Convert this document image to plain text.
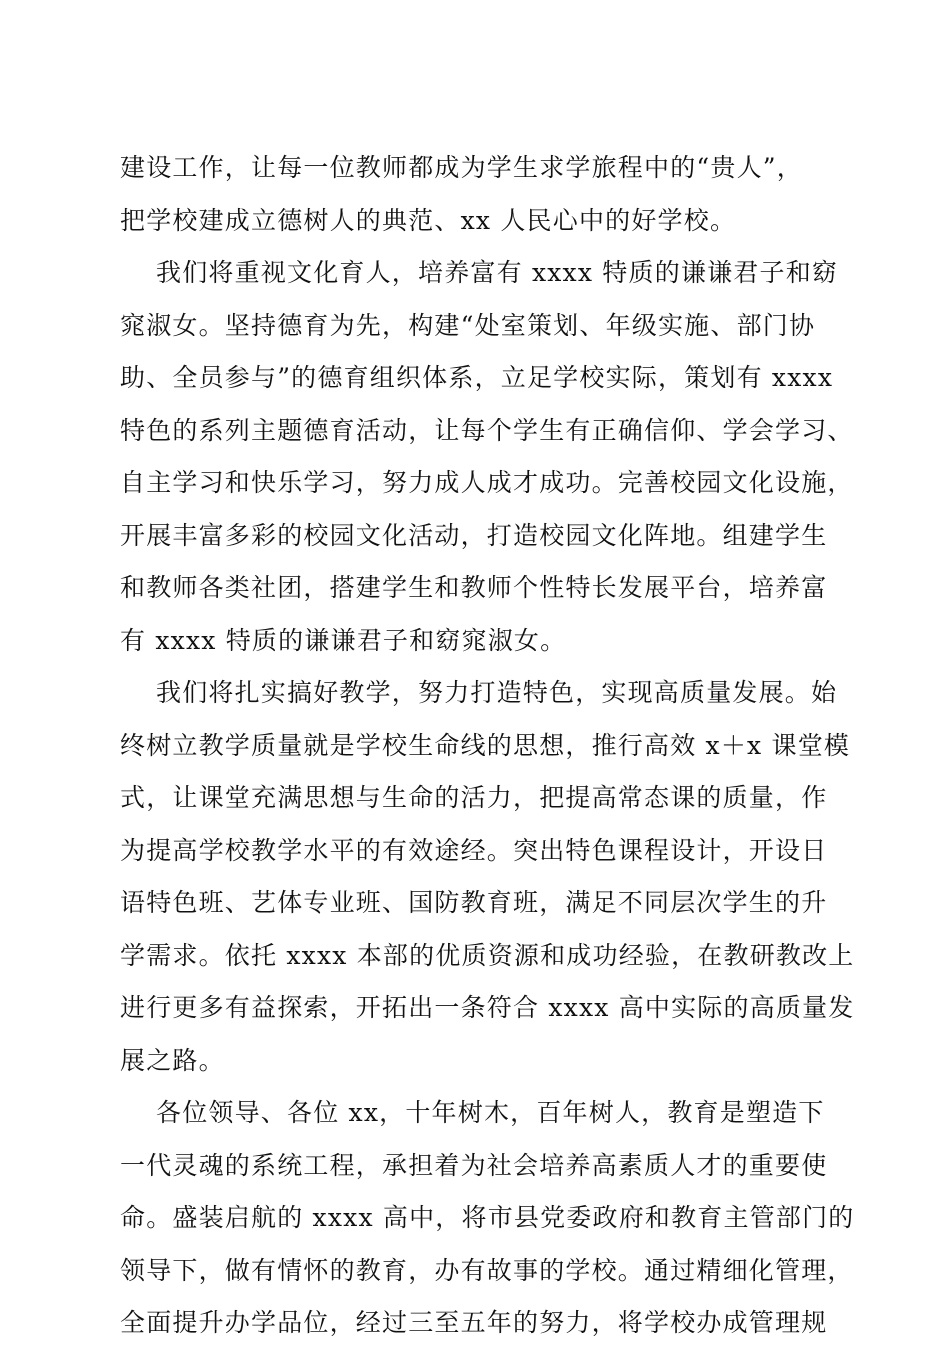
建设工作，让每一位教师都成为学生求学旅程中的“贵人”，
把学校建成立德树人的典范、xx 人民心中的好学校。
我们将重视文化育人，培养富有 xxxx 特质的谦谦君子和窈
窕淑女。坚持德育为先，构建“处室策划、年级实施、部门协
助、全员参与”的德育组织体系，立足学校实际，策划有 xxxx
特色的系列主题德育活动，让每个学生有正确信仰、学会学习、
自主学习和快乐学习，努力成人成才成功。完善校园文化设施，
开展丰富多彩的校园文化活动，打造校园文化阵地。组建学生
和教师各类社团，搭建学生和教师个性特长发展平台，培养富
有 xxxx 特质的谦谦君子和窈窕淑女。
我们将扎实搞好教学，努力打造特色，实现高质量发展。始
终树立教学质量就是学校生命线的思想，推行高效 x＋x 课堂模
式，让课堂充满思想与生命的活力，把提高常态课的质量，作
为提高学校教学水平的有效途经。突出特色课程设计，开设日
语特色班、艺体专业班、国防教育班，满足不同层次学生的升
学需求。依托 xxxx 本部的优质资源和成功经验，在教研教改上
进行更多有益探索，开拓出一条符合 xxxx 高中实际的高质量发
展之路。
各位领导、各位 xx，十年树木，百年树人，教育是塑造下
一代灵魂的系统工程，承担着为社会培养高素质人才的重要使
命。盛装启航的 xxxx 高中，将市县党委政府和教育主管部门的
领导下，做有情怀的教育，办有故事的学校。通过精细化管理，
全面提升办学品位，经过三至五年的努力，将学校办成管理规
